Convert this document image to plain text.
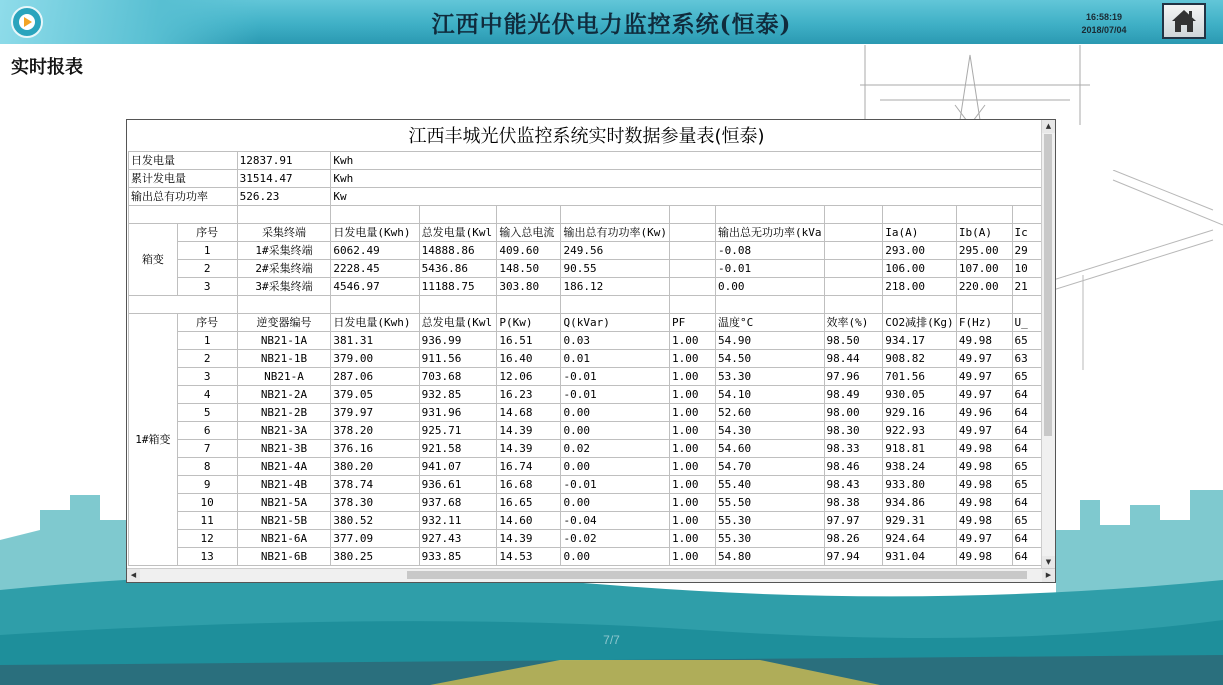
江西中能光伏电力监控系统(恒泰)	16:58:19
2018/07/04
实时报表
7/7
江西丰城光伏监控系统实时数据参量表(恒泰)												
日发电量		12837.91	Kwh									
累计发电量		31514.47	Kwh									
输出总有功功率		526.23	Kw									

箱变	序号	采集终端	日发电量(Kwh)	总发电量(Kwl	输入总电流	输出总有功功率(Kw)		输出总无功功率(kVa		Ia(A)	Ib(A)	Ic
	1	1#采集终端	6062.49	14888.86	409.60	249.56		-0.08		293.00	295.00	29
	2	2#采集终端	2228.45	5436.86	148.50	90.55		-0.01		106.00	107.00	10
	3	3#采集终端	4546.97	11188.75	303.80	186.12		0.00		218.00	220.00	21

1#箱变	序号	逆变器编号	日发电量(Kwh)	总发电量(Kwl	P(Kw)	Q(kVar)	PF	温度°C	效率(%)	CO2减排(Kg)	F(Hz)	U_
	1	NB21-1A	381.31	936.99	16.51	0.03	1.00	54.90	98.50	934.17	49.98	65
	2	NB21-1B	379.00	911.56	16.40	0.01	1.00	54.50	98.44	908.82	49.97	63
	3	NB21-A	287.06	703.68	12.06	-0.01	1.00	53.30	97.96	701.56	49.97	65
	4	NB21-2A	379.05	932.85	16.23	-0.01	1.00	54.10	98.49	930.05	49.97	64
	5	NB21-2B	379.97	931.96	14.68	0.00	1.00	52.60	98.00	929.16	49.96	64
	6	NB21-3A	378.20	925.71	14.39	0.00	1.00	54.30	98.30	922.93	49.97	64
	7	NB21-3B	376.16	921.58	14.39	0.02	1.00	54.60	98.33	918.81	49.98	64
	8	NB21-4A	380.20	941.07	16.74	0.00	1.00	54.70	98.46	938.24	49.98	65
	9	NB21-4B	378.74	936.61	16.68	-0.01	1.00	55.40	98.43	933.80	49.98	65
	10	NB21-5A	378.30	937.68	16.65	0.00	1.00	55.50	98.38	934.86	49.98	64
	11	NB21-5B	380.52	932.11	14.60	-0.04	1.00	55.30	97.97	929.31	49.98	65
	12	NB21-6A	377.09	927.43	14.39	-0.02	1.00	55.30	98.26	924.64	49.97	64
	13	NB21-6B	380.25	933.85	14.53	0.00	1.00	54.80	97.94	931.04	49.98	64
▲
▼
◀	▶
